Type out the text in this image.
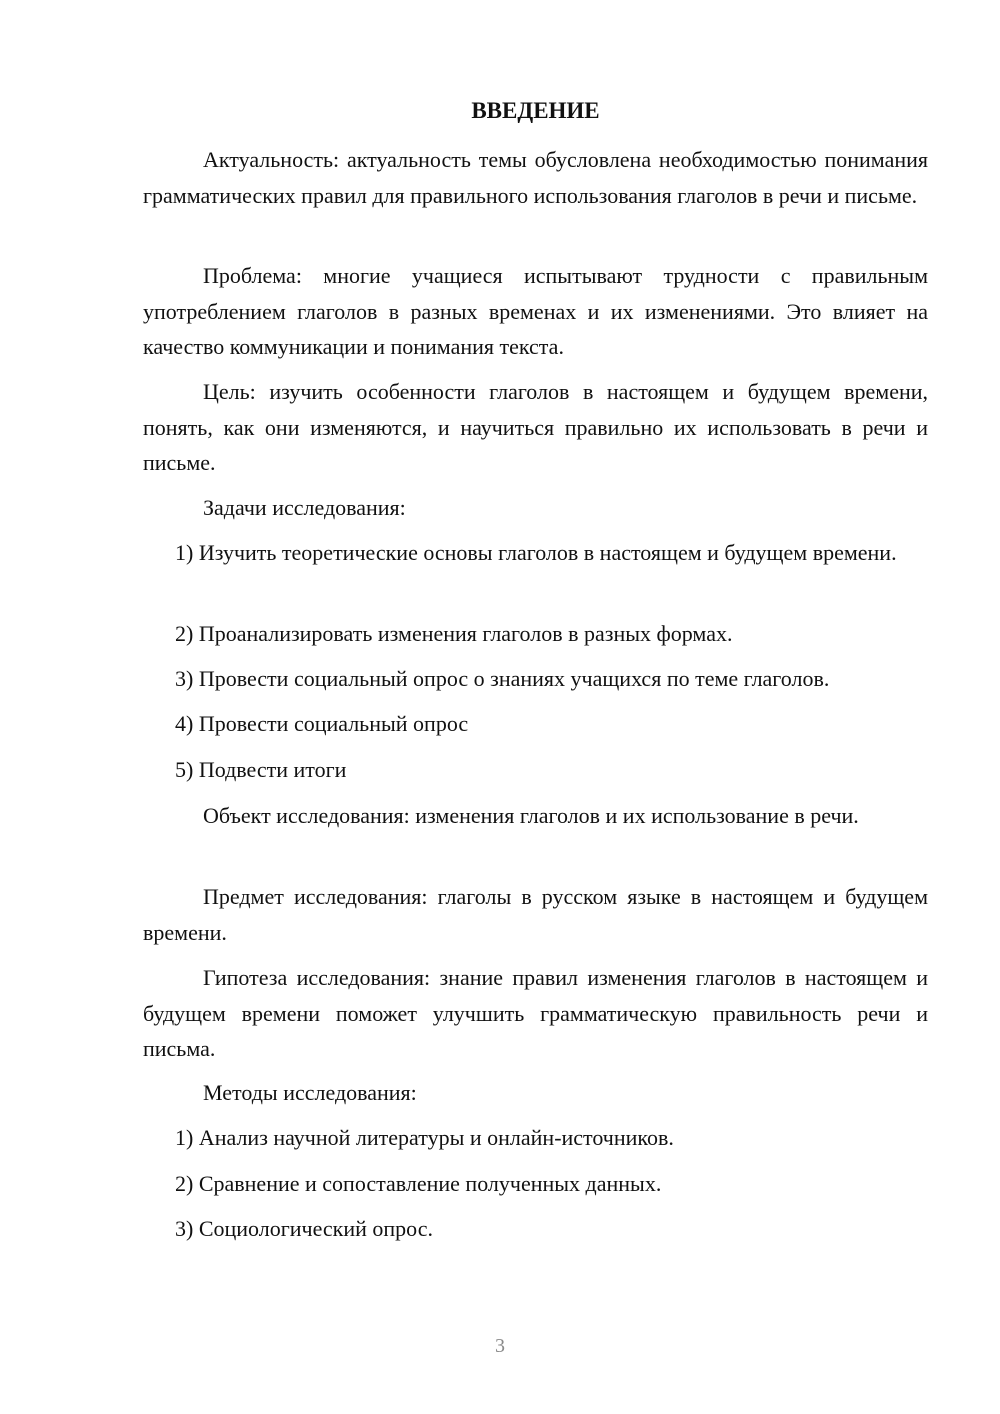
ВВЕДЕНИЕ

Актуальность: актуальность темы обусловлена необходимостью понимания грамматических правил для правильного использования глаголов в речи и письме.

Проблема: многие учащиеся испытывают трудности с правильным употреблением глаголов в разных временах и их изменениями. Это влияет на качество коммуникации и понимания текста.

Цель: изучить особенности глаголов в настоящем и будущем времени, понять, как они изменяются, и научиться правильно их использовать в речи и письме.

Задачи исследования:

1) Изучить теоретические основы глаголов в настоящем и будущем времени.

2) Проанализировать изменения глаголов в разных формах.

3) Провести социальный опрос о знаниях учащихся по теме глаголов.

4) Провести социальный опрос

5) Подвести итоги

Объект исследования: изменения глаголов и их использование в речи.

Предмет исследования: глаголы в русском языке в настоящем и будущем времени.

Гипотеза исследования: знание правил изменения глаголов в настоящем и будущем времени поможет улучшить грамматическую правильность речи и письма.

Методы исследования:

1) Анализ научной литературы и онлайн-источников.

2) Сравнение и сопоставление полученных данных.

3) Социологический опрос.

3
